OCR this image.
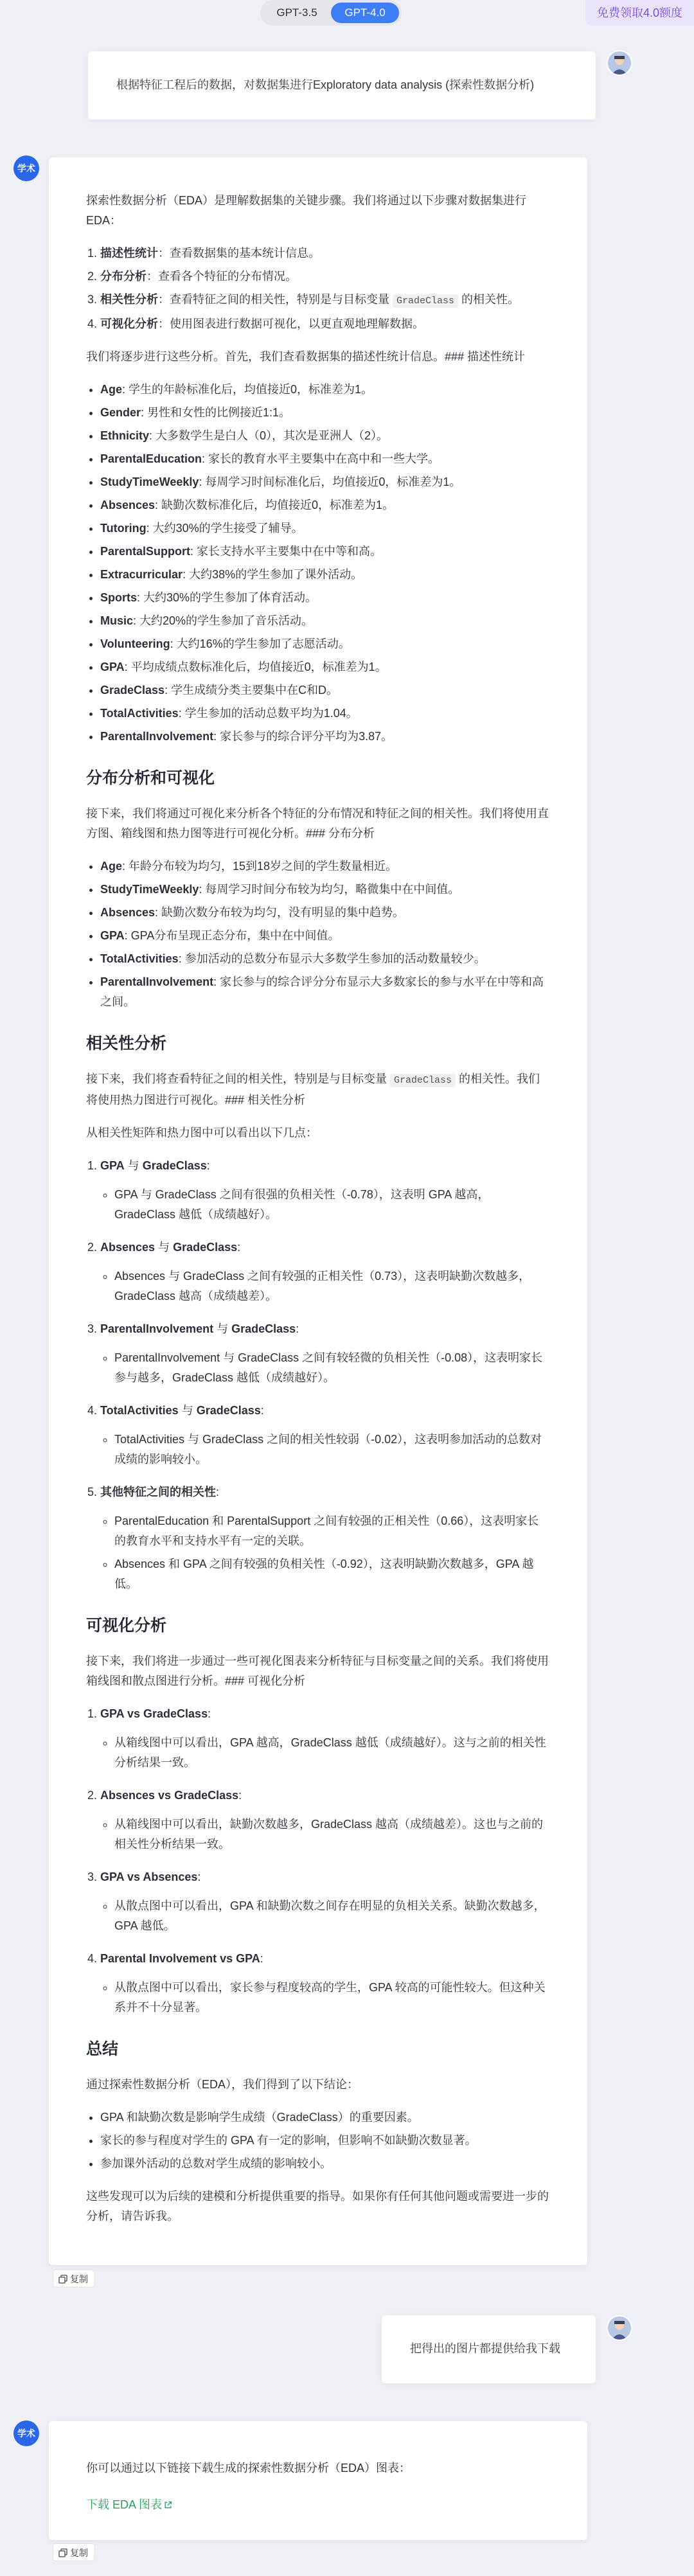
GPT-3.5	GPT-4.0	免费领取4.0额度
根据特征工程后的数据，对数据集进行Exploratory data analysis (探索性数据分析)
学术

探索性数据分析（EDA）是理解数据集的关键步骤。我们将通过以下步骤对数据集进行EDA：

1. 描述性统计：查看数据集的基本统计信息。
2. 分布分析：查看各个特征的分布情况。
3. 相关性分析：查看特征之间的相关性，特别是与目标变量 GradeClass 的相关性。
4. 可视化分析：使用图表进行数据可视化，以更直观地理解数据。

我们将逐步进行这些分析。首先，我们查看数据集的描述性统计信息。### 描述性统计

• Age: 学生的年龄标准化后，均值接近0，标准差为1。
• Gender: 男性和女性的比例接近1:1。
• Ethnicity: 大多数学生是白人（0），其次是亚洲人（2）。
• ParentalEducation: 家长的教育水平主要集中在高中和一些大学。
• StudyTimeWeekly: 每周学习时间标准化后，均值接近0，标准差为1。
• Absences: 缺勤次数标准化后，均值接近0，标准差为1。
• Tutoring: 大约30%的学生接受了辅导。
• ParentalSupport: 家长支持水平主要集中在中等和高。
• Extracurricular: 大约38%的学生参加了课外活动。
• Sports: 大约30%的学生参加了体育活动。
• Music: 大约20%的学生参加了音乐活动。
• Volunteering: 大约16%的学生参加了志愿活动。
• GPA: 平均成绩点数标准化后，均值接近0，标准差为1。
• GradeClass: 学生成绩分类主要集中在C和D。
• TotalActivities: 学生参加的活动总数平均为1.04。
• ParentalInvolvement: 家长参与的综合评分平均为3.87。
分布分析和可视化

接下来，我们将通过可视化来分析各个特征的分布情况和特征之间的相关性。我们将使用直方图、箱线图和热力图等进行可视化分析。### 分布分析

• Age: 年龄分布较为均匀，15到18岁之间的学生数量相近。
• StudyTimeWeekly: 每周学习时间分布较为均匀，略微集中在中间值。
• Absences: 缺勤次数分布较为均匀，没有明显的集中趋势。
• GPA: GPA分布呈现正态分布，集中在中间值。
• TotalActivities: 参加活动的总数分布显示大多数学生参加的活动数量较少。
• ParentalInvolvement: 家长参与的综合评分分布显示大多数家长的参与水平在中等和高之间。
相关性分析

接下来，我们将查看特征之间的相关性，特别是与目标变量 GradeClass 的相关性。我们将使用热力图进行可视化。### 相关性分析

从相关性矩阵和热力图中可以看出以下几点：

1. GPA 与 GradeClass:
◦ GPA 与 GradeClass 之间有很强的负相关性（-0.78），这表明 GPA 越高，GradeClass 越低（成绩越好）。
2. Absences 与 GradeClass:
◦ Absences 与 GradeClass 之间有较强的正相关性（0.73），这表明缺勤次数越多，GradeClass 越高（成绩越差）。
3. ParentalInvolvement 与 GradeClass:
◦ ParentalInvolvement 与 GradeClass 之间有较轻微的负相关性（-0.08），这表明家长参与越多，GradeClass 越低（成绩越好）。
4. TotalActivities 与 GradeClass:
◦ TotalActivities 与 GradeClass 之间的相关性较弱（-0.02），这表明参加活动的总数对成绩的影响较小。
5. 其他特征之间的相关性:
◦ ParentalEducation 和 ParentalSupport 之间有较强的正相关性（0.66），这表明家长的教育水平和支持水平有一定的关联。
◦ Absences 和 GPA 之间有较强的负相关性（-0.92），这表明缺勤次数越多，GPA 越低。
可视化分析

接下来，我们将进一步通过一些可视化图表来分析特征与目标变量之间的关系。我们将使用箱线图和散点图进行分析。### 可视化分析

1. GPA vs GradeClass:
◦ 从箱线图中可以看出，GPA 越高，GradeClass 越低（成绩越好）。这与之前的相关性分析结果一致。
2. Absences vs GradeClass:
◦ 从箱线图中可以看出，缺勤次数越多，GradeClass 越高（成绩越差）。这也与之前的相关性分析结果一致。
3. GPA vs Absences:
◦ 从散点图中可以看出，GPA 和缺勤次数之间存在明显的负相关关系。缺勤次数越多，GPA 越低。
4. Parental Involvement vs GPA:
◦ 从散点图中可以看出，家长参与程度较高的学生，GPA 较高的可能性较大。但这种关系并不十分显著。
总结

通过探索性数据分析（EDA），我们得到了以下结论：

• GPA 和缺勤次数是影响学生成绩（GradeClass）的重要因素。
• 家长的参与程度对学生的 GPA 有一定的影响，但影响不如缺勤次数显著。
• 参加课外活动的总数对学生成绩的影响较小。

这些发现可以为后续的建模和分析提供重要的指导。如果你有任何其他问题或需要进一步的分析，请告诉我。

复制
把得出的图片都提供给我下载
学术
你可以通过以下链接下载生成的探索性数据分析（EDA）图表：
下载 EDA 图表
复制
